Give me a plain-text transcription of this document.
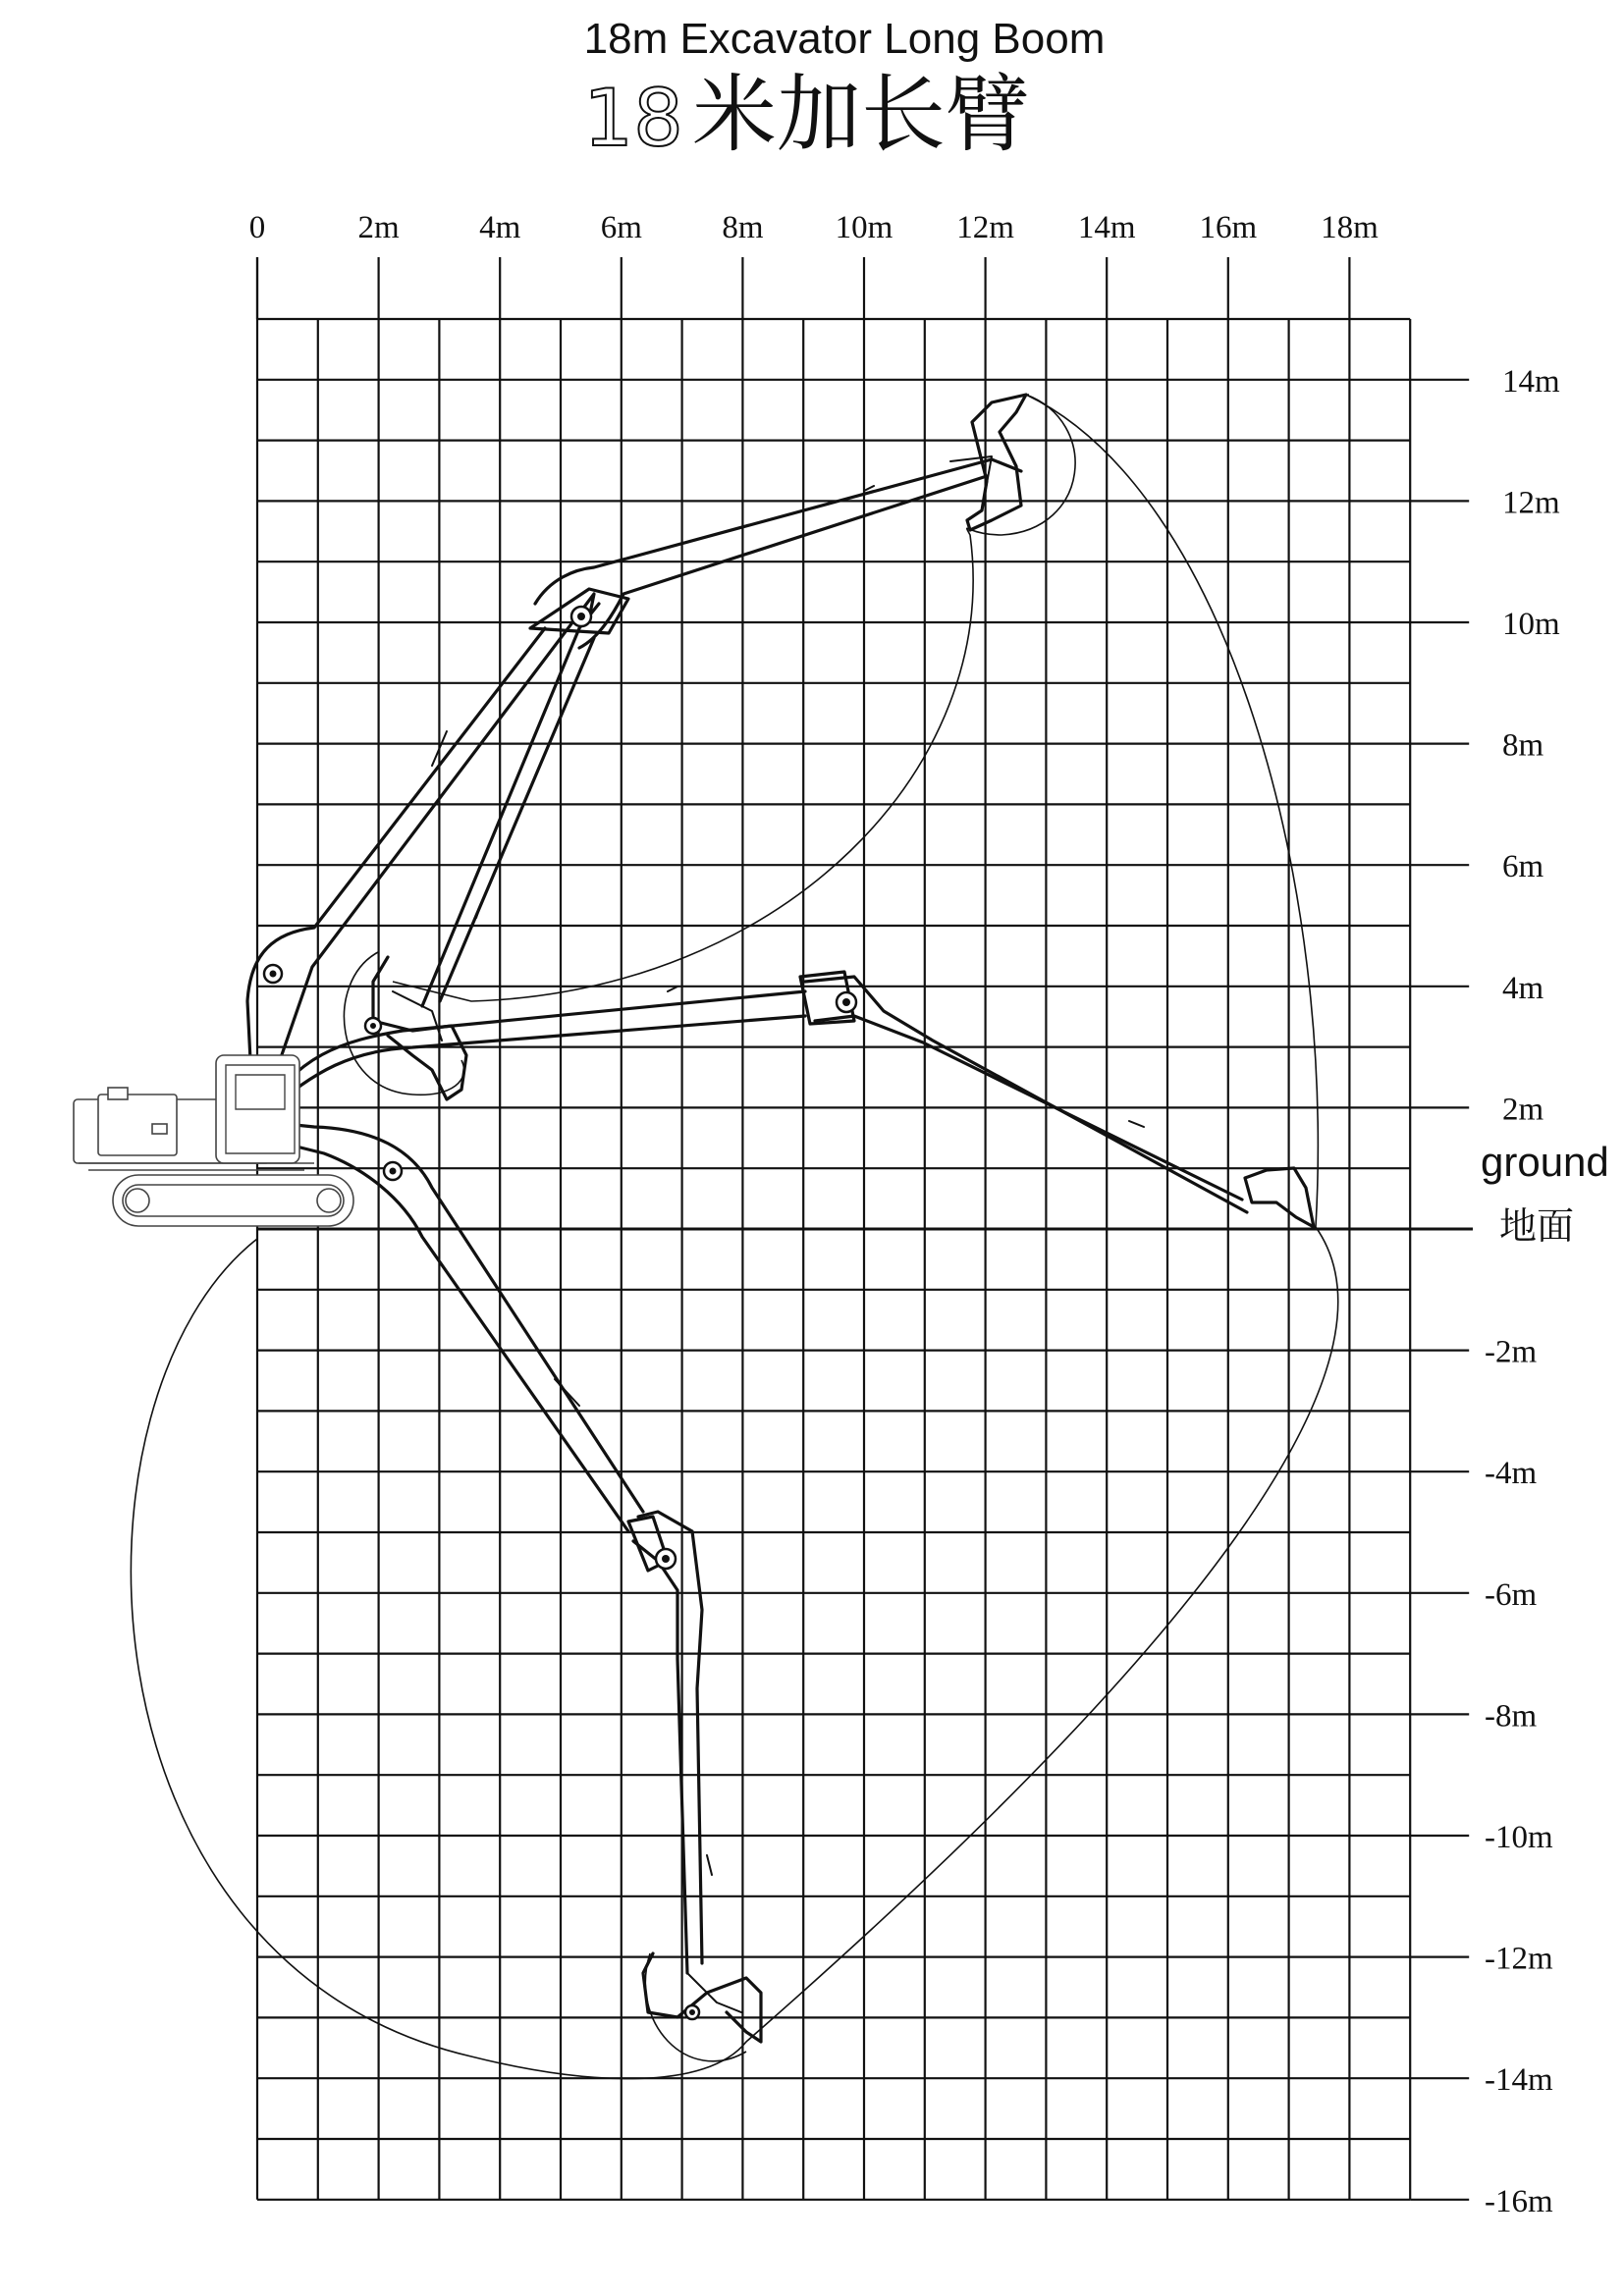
18m Excavator Long Boom
18 米加长臂
0	2m 4m 6m 8m 10m 12m 14m 16m 18m
14m
12m
10m
8m
6m
4m
2m
-2m
-4m
-6m
-8m
-10m
-12m
-14m
-16m
ground
地面
